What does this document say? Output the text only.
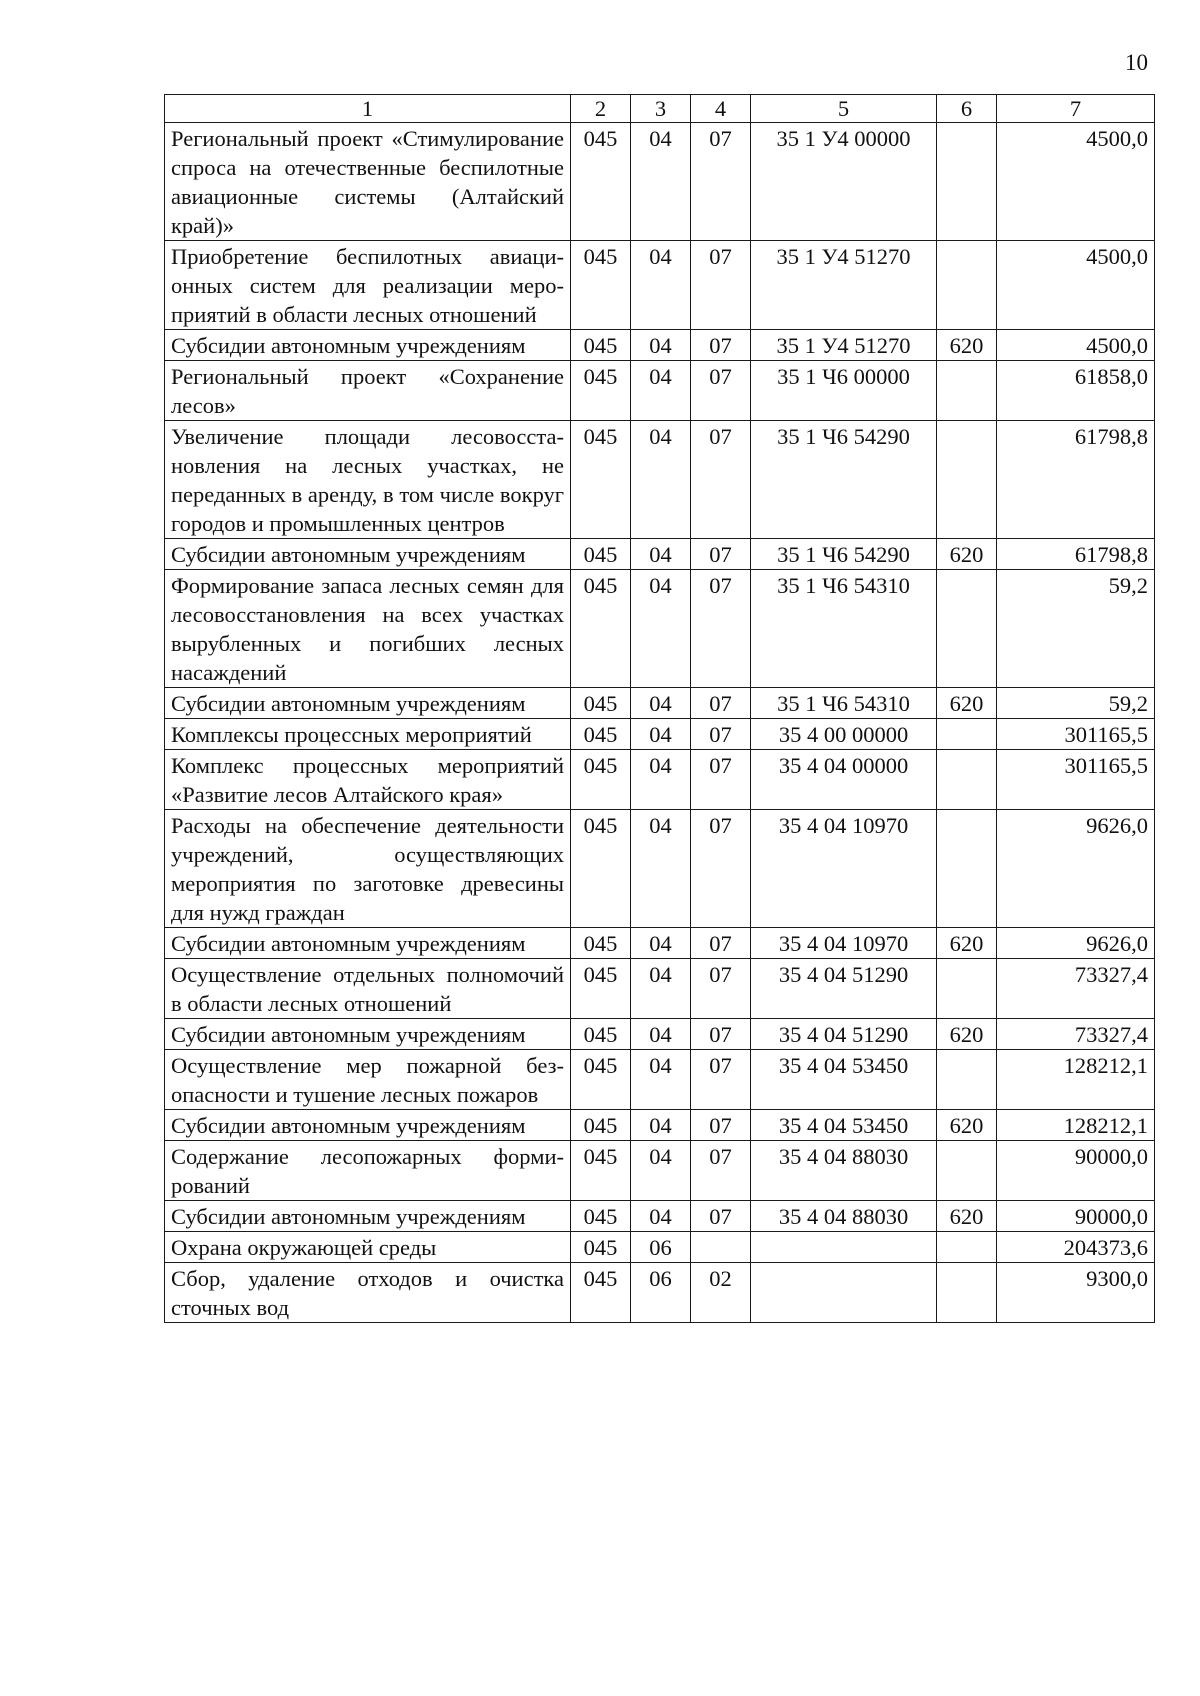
10
1	2	3	4	5	6	7
Региональный проект «Стимулирование спроса на отечественные беспилотные авиационные системы (Алтайский край)»	045	04	07	35 1 У4 00000		4500,0
Приобретение беспилотных авиационных систем для реализации мероприятий в области лесных отношений	045	04	07	35 1 У4 51270		4500,0
Субсидии автономным учреждениям	045	04	07	35 1 У4 51270	620	4500,0
Региональный проект «Сохранение лесов»	045	04	07	35 1 Ч6 00000		61858,0
Увеличение площади лесовосстановления на лесных участках, не переданных в аренду, в том числе вокруг городов и промышленных центров	045	04	07	35 1 Ч6 54290		61798,8
Субсидии автономным учреждениям	045	04	07	35 1 Ч6 54290	620	61798,8
Формирование запаса лесных семян для лесовосстановления на всех участках вырубленных и погибших лесных насаждений	045	04	07	35 1 Ч6 54310		59,2
Субсидии автономным учреждениям	045	04	07	35 1 Ч6 54310	620	59,2
Комплексы процессных мероприятий	045	04	07	35 4 00 00000		301165,5
Комплекс процессных мероприятий «Развитие лесов Алтайского края»	045	04	07	35 4 04 00000		301165,5
Расходы на обеспечение деятельности учреждений, осуществляющих мероприятия по заготовке древесины для нужд граждан	045	04	07	35 4 04 10970		9626,0
Субсидии автономным учреждениям	045	04	07	35 4 04 10970	620	9626,0
Осуществление отдельных полномочий в области лесных отношений	045	04	07	35 4 04 51290		73327,4
Субсидии автономным учреждениям	045	04	07	35 4 04 51290	620	73327,4
Осуществление мер пожарной безопасности и тушение лесных пожаров	045	04	07	35 4 04 53450		128212,1
Субсидии автономным учреждениям	045	04	07	35 4 04 53450	620	128212,1
Содержание лесопожарных формирований	045	04	07	35 4 04 88030		90000,0
Субсидии автономным учреждениям	045	04	07	35 4 04 88030	620	90000,0
Охрана окружающей среды	045	06				204373,6
Сбор, удаление отходов и очистка сточных вод	045	06	02			9300,0
